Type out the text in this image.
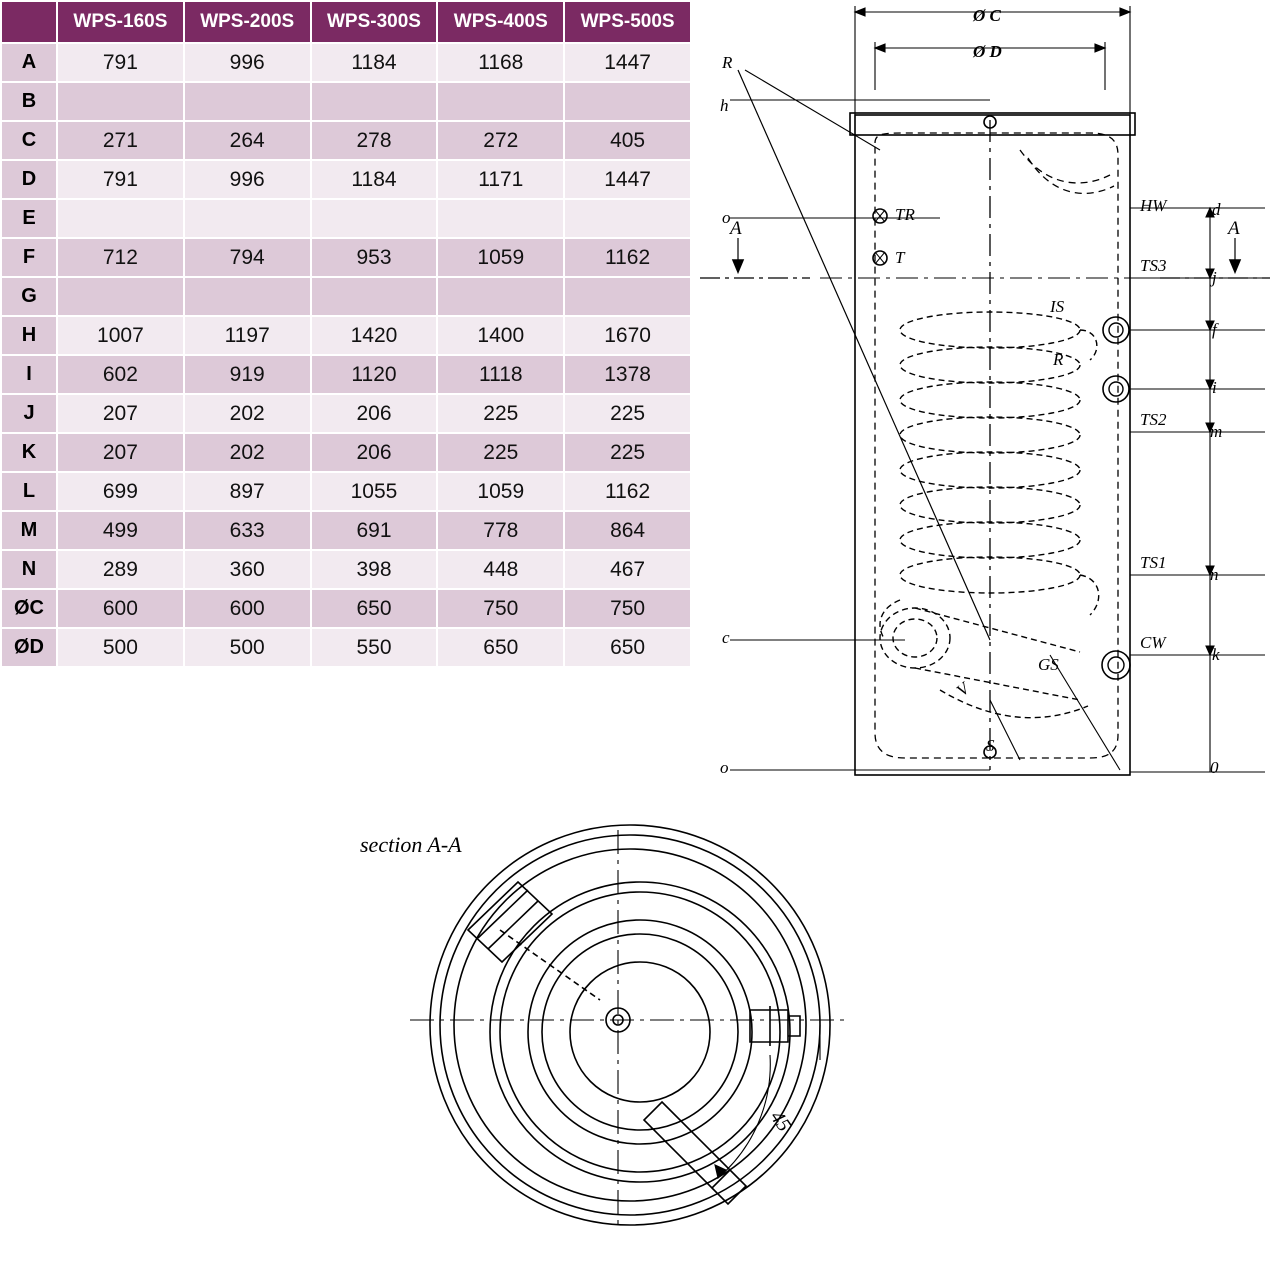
	WPS-160S	WPS-200S	WPS-300S	WPS-400S	WPS-500S
A	791	996	1184	1168	1447
B					
C	271	264	278	272	405
D	791	996	1184	1171	1447
E					
F	712	794	953	1059	1162
G					
H	1007	1197	1420	1400	1670
I	602	919	1120	1118	1378
J	207	202	206	225	225
K	207	202	206	225	225
L	699	897	1055	1059	1162
M	499	633	691	778	864
N	289	360	398	448	467
ØC	600	600	650	750	750
ØD	500	500	550	650	650
Ø C
Ø D
R
h
o
c
o
A	A
TR
T
IS
R
HW
TS3
TS2
TS1
CW
d
j
f
i
m
n
k
0
V
S
GS
section A-A
45
